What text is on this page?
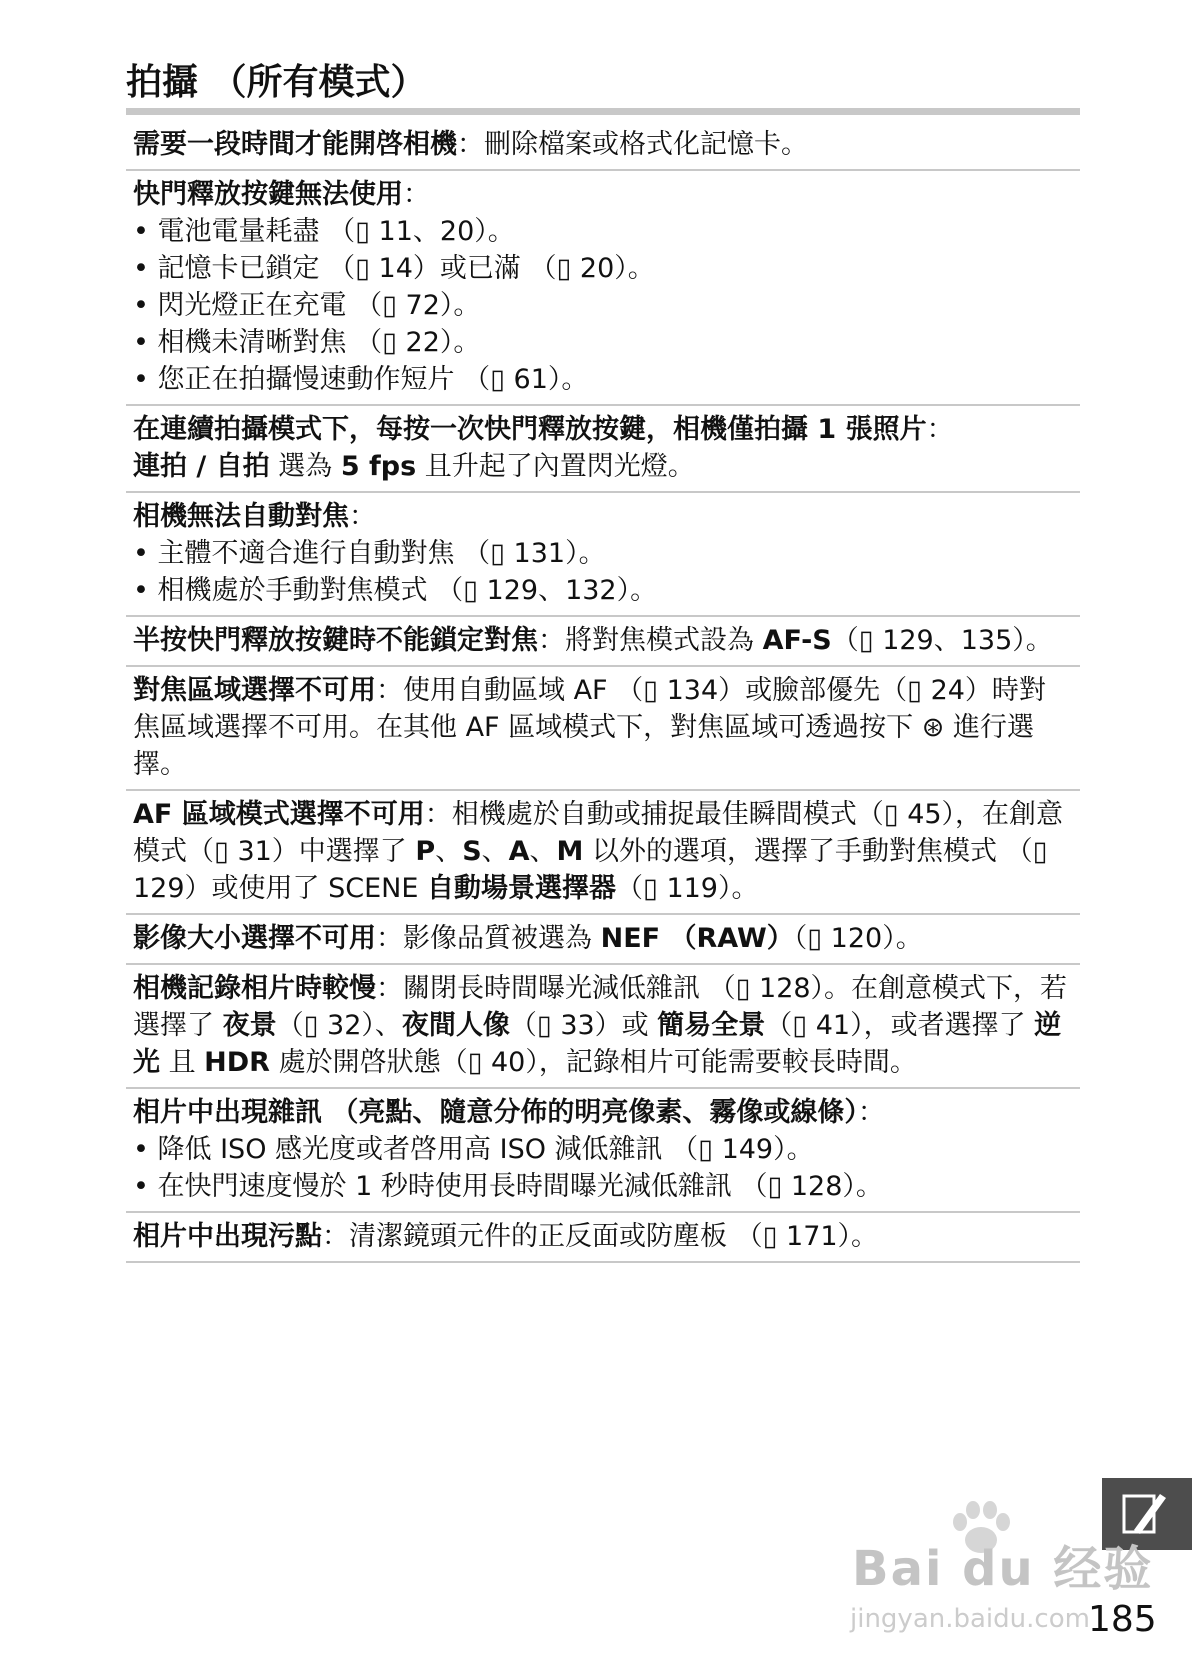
拍攝 （所有模式）

需要一段時間才能開啓相機：刪除檔案或格式化記憶卡。

快門釋放按鍵無法使用：

• 電池電量耗盡 （▯ 11、20）。

• 記憶卡已鎖定 （▯ 14）或已滿 （▯ 20）。

• 閃光燈正在充電 （▯ 72）。

• 相機未清晰對焦 （▯ 22）。

• 您正在拍攝慢速動作短片 （▯ 61）。

在連續拍攝模式下，每按一次快門釋放按鍵，相機僅拍攝 1 張照片：

連拍 / 自拍 選為 5 fps 且升起了內置閃光燈。

相機無法自動對焦：

• 主體不適合進行自動對焦 （▯ 131）。

• 相機處於手動對焦模式 （▯ 129、132）。

半按快門釋放按鍵時不能鎖定對焦：將對焦模式設為 AF-S（▯ 129、135）。

對焦區域選擇不可用：使用自動區域 AF （▯ 134）或臉部優先（▯ 24）時對焦區域選擇不可用。在其他 AF 區域模式下，對焦區域可透過按下 ⊛ 進行選擇。

AF 區域模式選擇不可用：相機處於自動或捕捉最佳瞬間模式（▯ 45），在創意模式（▯ 31）中選擇了 P、S、A、M 以外的選項，選擇了手動對焦模式 （▯ 129）或使用了 SCENE 自動場景選擇器（▯ 119）。

影像大小選擇不可用：影像品質被選為 NEF （RAW）（▯ 120）。

相機記錄相片時較慢：關閉長時間曝光減低雜訊 （▯ 128）。在創意模式下，若選擇了 夜景（▯ 32）、夜間人像（▯ 33）或 簡易全景（▯ 41），或者選擇了 逆光 且 HDR 處於開啓狀態（▯ 40），記錄相片可能需要較長時間。

相片中出現雜訊 （亮點、隨意分佈的明亮像素、霧像或線條）：

• 降低 ISO 感光度或者啓用高 ISO 減低雜訊 （▯ 149）。

• 在快門速度慢於 1 秒時使用長時間曝光減低雜訊 （▯ 128）。

相片中出現污點：清潔鏡頭元件的正反面或防塵板 （▯ 171）。

Bai du 经验
jingyan.baidu.com
185
